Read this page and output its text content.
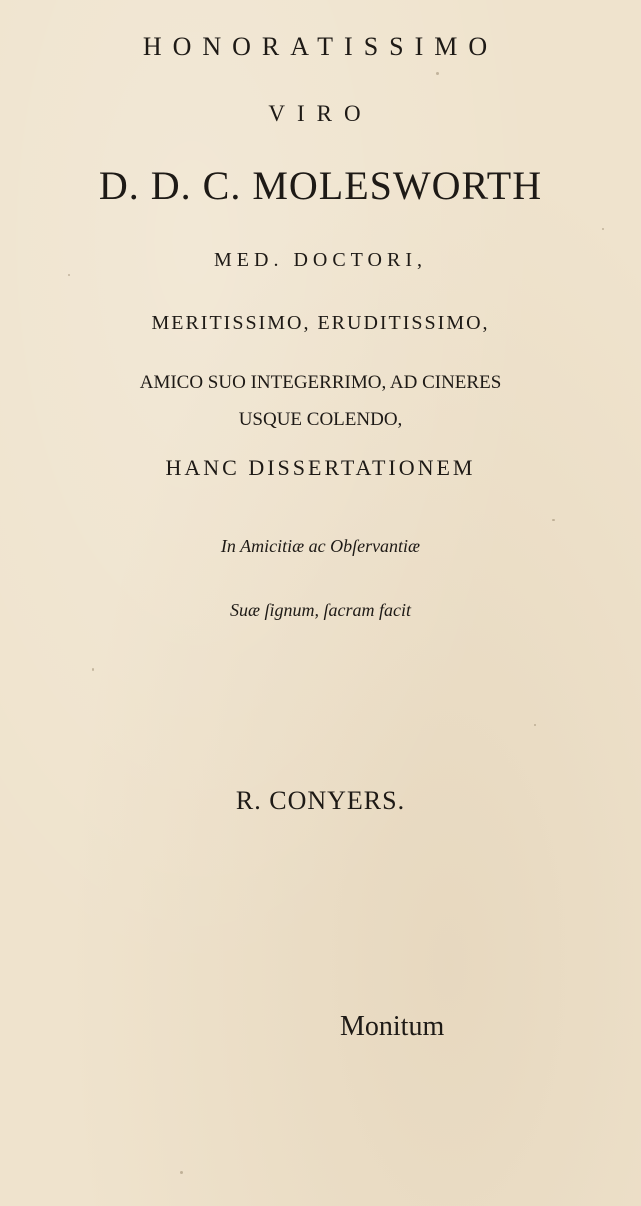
HONORATISSIMO
VIRO
D. D. C. MOLESWORTH
MED. DOCTORI,
MERITISSIMO, ERUDITISSIMO,
AMICO SUO INTEGERRIMO, AD CINERES
USQUE COLENDO,
HANC DISSERTATIONEM
In Amicitiæ ac Obſervantiæ
Suæ ſignum, ſacram facit
R. CONYERS.
Monitum
